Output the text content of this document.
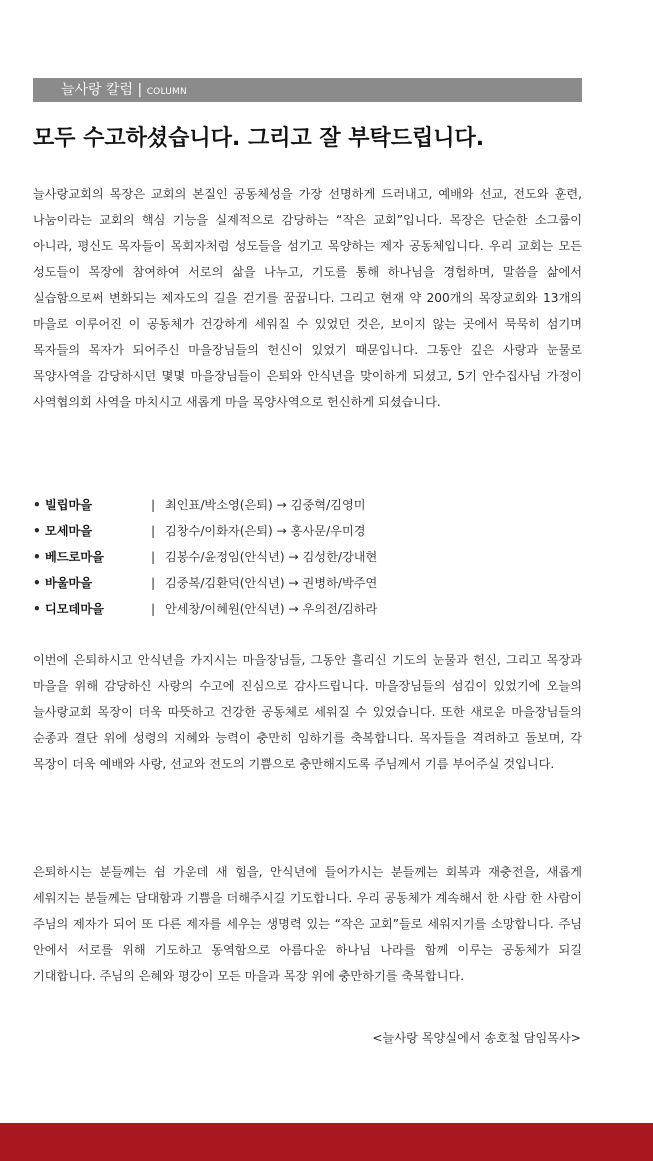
늘사랑 칼럼 | COLUMN
모두 수고하셨습니다. 그리고 잘 부탁드립니다.

늘사랑교회의 목장은 교회의 본질인 공동체성을 가장 선명하게 드러내고, 예배와 선교, 전도와 훈련, 나눔이라는 교회의 핵심 기능을 실제적으로 감당하는 “작은 교회”입니다. 목장은 단순한 소그룹이 아니라, 평신도 목자들이 목회자처럼 성도들을 섬기고 목양하는 제자 공동체입니다. 우리 교회는 모든 성도들이 목장에 참여하여 서로의 삶을 나누고, 기도를 통해 하나님을 경험하며, 말씀을 삶에서 실습함으로써 변화되는 제자도의 길을 걷기를 꿈꿉니다. 그리고 현재 약 200개의 목장교회와 13개의 마을로 이루어진 이 공동체가 건강하게 세워질 수 있었던 것은, 보이지 않는 곳에서 묵묵히 섬기며 목자들의 목자가 되어주신 마을장님들의 헌신이 있었기 때문입니다. 그동안 깊은 사랑과 눈물로 목양사역을 감당하시던 몇몇 마을장님들이 은퇴와 안식년을 맞이하게 되셨고, 5기 안수집사님 가정이 사역협의회 사역을 마치시고 새롭게 마을 목양사역으로 헌신하게 되셨습니다.

• 빌립마을	| 최인표/박소영(은퇴) → 김중혁/김영미
• 모세마을	| 김창수/이화자(은퇴) → 홍사문/우미경
• 베드로마을	| 김봉수/윤정임(안식년) → 김성한/강내현
• 바울마을	| 김중복/김환덕(안식년) → 권병하/박주연
• 디모데마을	| 안세창/이혜원(안식년) → 우의전/김하라

이번에 은퇴하시고 안식년을 가지시는 마을장님들, 그동안 흘리신 기도의 눈물과 헌신, 그리고 목장과 마을을 위해 감당하신 사랑의 수고에 진심으로 감사드립니다. 마을장님들의 섬김이 있었기에 오늘의 늘사랑교회 목장이 더욱 따뜻하고 건강한 공동체로 세워질 수 있었습니다. 또한 새로운 마을장님들의 순종과 결단 위에 성령의 지혜와 능력이 충만히 임하기를 축복합니다. 목자들을 격려하고 돌보며, 각 목장이 더욱 예배와 사랑, 선교와 전도의 기쁨으로 충만해지도록 주님께서 기름 부어주실 것입니다.

은퇴하시는 분들께는 쉼 가운데 새 힘을, 안식년에 들어가시는 분들께는 회복과 재충전을, 새롭게 세워지는 분들께는 담대함과 기쁨을 더해주시길 기도합니다. 우리 공동체가 계속해서 한 사람 한 사람이 주님의 제자가 되어 또 다른 제자를 세우는 생명력 있는 “작은 교회”들로 세워지기를 소망합니다. 주님 안에서 서로를 위해 기도하고 동역함으로 아름다운 하나님 나라를 함께 이루는 공동체가 되길 기대합니다. 주님의 은혜와 평강이 모든 마을과 목장 위에 충만하기를 축복합니다.

<늘사랑 목양실에서 송호철 담임목사>
